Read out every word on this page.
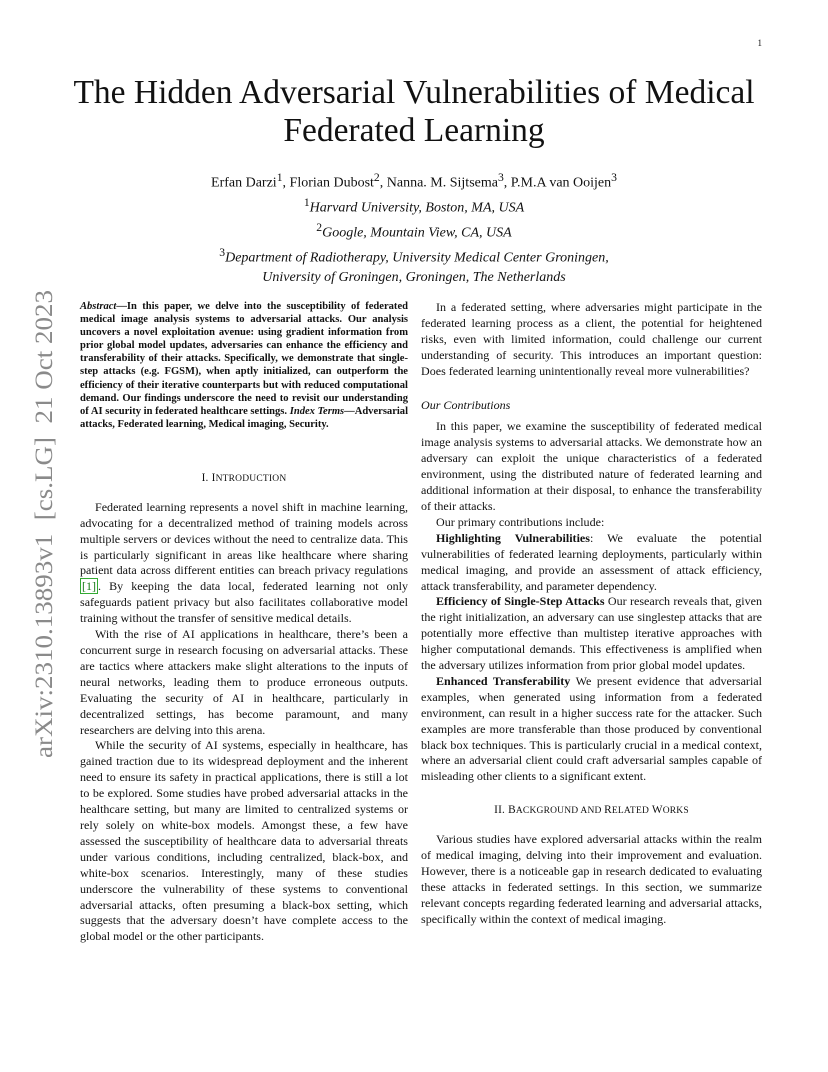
1
arXiv:2310.13893v1  [cs.LG]  21 Oct 2023
The Hidden Adversarial Vulnerabilities of Medical
Federated Learning
Erfan Darzi$^1$, Florian Dubost$^2$, Nanna. M. Sijtsema$^3$, P.M.A van Ooijen$^3$
$^1$Harvard University, Boston, MA, USA
$^2$Google, Mountain View, CA, USA
$^3$Department of Radiotherapy, University Medical Center Groningen,
University of Groningen, Groningen, The Netherlands

Abstract—In this paper, we delve into the susceptibility of federated medical image analysis systems to adversarial attacks. Our analysis uncovers a novel exploitation avenue: using gradient information from prior global model updates, adversaries can enhance the efficiency and transferability of their attacks. Specifically, we demonstrate that single-step attacks (e.g. FGSM), when aptly initialized, can outperform the efficiency of their iterative counterparts but with reduced computational demand. Our findings underscore the need to revisit our understanding of AI security in federated healthcare settings. Index Terms—Adversarial attacks, Federated learning, Medical imaging, Security.

I. INTRODUCTION

Federated learning represents a novel shift in machine learning, advocating for a decentralized method of training models across multiple servers or devices without the need to centralize data. This is particularly significant in areas like healthcare where sharing patient data across different entities can breach privacy regulations [1] . By keeping the data local, federated learning not only safeguards patient privacy but also facilitates collaborative model training without the transfer of sensitive medical details.

With the rise of AI applications in healthcare, there’s been a concurrent surge in research focusing on adversarial attacks. These are tactics where attackers make slight alterations to the inputs of neural networks, leading them to produce erroneous outputs. Evaluating the security of AI in healthcare, particularly in decentralized settings, has become paramount, and many researchers are delving into this arena.

While the security of AI systems, especially in healthcare, has gained traction due to its widespread deployment and the inherent need to ensure its safety in practical applications, there is still a lot to be explored. Some studies have probed adversarial attacks in the healthcare setting, but many are limited to centralized systems or rely solely on white-box models. Amongst these, a few have assessed the susceptibility of healthcare data to adversarial threats under various conditions, including centralized, black-box, and white-box scenarios. Interestingly, many of these studies underscore the vulnerability of these systems to conventional adversarial attacks, often presuming a black-box setting, which suggests that the adversary doesn’t have complete access to the global model or the other participants.

In a federated setting, where adversaries might participate in the federated learning process as a client, the potential for heightened risks, even with limited information, could challenge our current understanding of security. This introduces an important question: Does federated learning unintentionally reveal more vulnerabilities?

Our Contributions

In this paper, we examine the susceptibility of federated medical image analysis systems to adversarial attacks. We demonstrate how an adversary can exploit the unique characteristics of a federated environment, using the distributed nature of federated learning and additional information at their disposal, to enhance the transferability of their attacks.

Our primary contributions include:

Highlighting Vulnerabilities: We evaluate the potential vulnerabilities of federated learning deployments, particularly within medical imaging, and provide an assessment of attack efficiency, attack transferability, and parameter dependency.

Efficiency of Single-Step Attacks Our research reveals that, given the right initialization, an adversary can use singlestep attacks that are potentially more effective than multistep iterative approaches with higher computational demands. This effectiveness is amplified when the adversary utilizes information from prior global model updates.

Enhanced Transferability We present evidence that adversarial examples, when generated using information from a federated environment, can result in a higher success rate for the attacker. Such examples are more transferable than those produced by conventional black box techniques. This is particularly crucial in a medical context, where an adversarial client could craft adversarial samples capable of misleading other clients to a significant extent.

II. BACKGROUND AND RELATED WORKS

Various studies have explored adversarial attacks within the realm of medical imaging, delving into their improvement and evaluation. However, there is a noticeable gap in research dedicated to evaluating these attacks in federated settings. In this section, we summarize relevant concepts regarding federated learning and adversarial attacks, specifically within the context of medical imaging.
